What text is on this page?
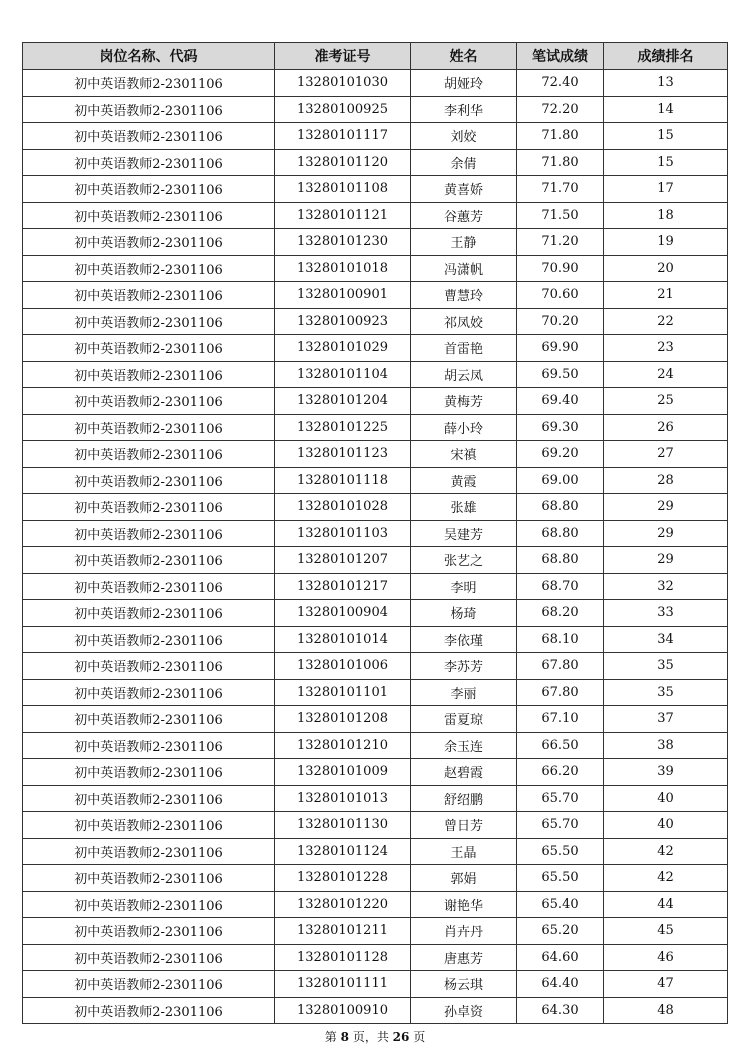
岗位名称、代码	准考证号	姓名	笔试成绩	成绩排名
初中英语教师2-2301106	13280101030	胡娅玲	72.40	13
初中英语教师2-2301106	13280100925	李利华	72.20	14
初中英语教师2-2301106	13280101117	刘姣	71.80	15
初中英语教师2-2301106	13280101120	余倩	71.80	15
初中英语教师2-2301106	13280101108	黄喜娇	71.70	17
初中英语教师2-2301106	13280101121	谷蕙芳	71.50	18
初中英语教师2-2301106	13280101230	王静	71.20	19
初中英语教师2-2301106	13280101018	冯潇帆	70.90	20
初中英语教师2-2301106	13280100901	曹慧玲	70.60	21
初中英语教师2-2301106	13280100923	祁凤姣	70.20	22
初中英语教师2-2301106	13280101029	首雷艳	69.90	23
初中英语教师2-2301106	13280101104	胡云凤	69.50	24
初中英语教师2-2301106	13280101204	黄梅芳	69.40	25
初中英语教师2-2301106	13280101225	薛小玲	69.30	26
初中英语教师2-2301106	13280101123	宋禛	69.20	27
初中英语教师2-2301106	13280101118	黄霞	69.00	28
初中英语教师2-2301106	13280101028	张雄	68.80	29
初中英语教师2-2301106	13280101103	吴建芳	68.80	29
初中英语教师2-2301106	13280101207	张艺之	68.80	29
初中英语教师2-2301106	13280101217	李明	68.70	32
初中英语教师2-2301106	13280100904	杨琦	68.20	33
初中英语教师2-2301106	13280101014	李依瑾	68.10	34
初中英语教师2-2301106	13280101006	李苏芳	67.80	35
初中英语教师2-2301106	13280101101	李丽	67.80	35
初中英语教师2-2301106	13280101208	雷夏琼	67.10	37
初中英语教师2-2301106	13280101210	余玉连	66.50	38
初中英语教师2-2301106	13280101009	赵碧霞	66.20	39
初中英语教师2-2301106	13280101013	舒绍鹏	65.70	40
初中英语教师2-2301106	13280101130	曾日芳	65.70	40
初中英语教师2-2301106	13280101124	王晶	65.50	42
初中英语教师2-2301106	13280101228	郭娟	65.50	42
初中英语教师2-2301106	13280101220	谢艳华	65.40	44
初中英语教师2-2301106	13280101211	肖卉丹	65.20	45
初中英语教师2-2301106	13280101128	唐惠芳	64.60	46
初中英语教师2-2301106	13280101111	杨云琪	64.40	47
初中英语教师2-2301106	13280100910	孙卓资	64.30	48
第 8 页，共 26 页
